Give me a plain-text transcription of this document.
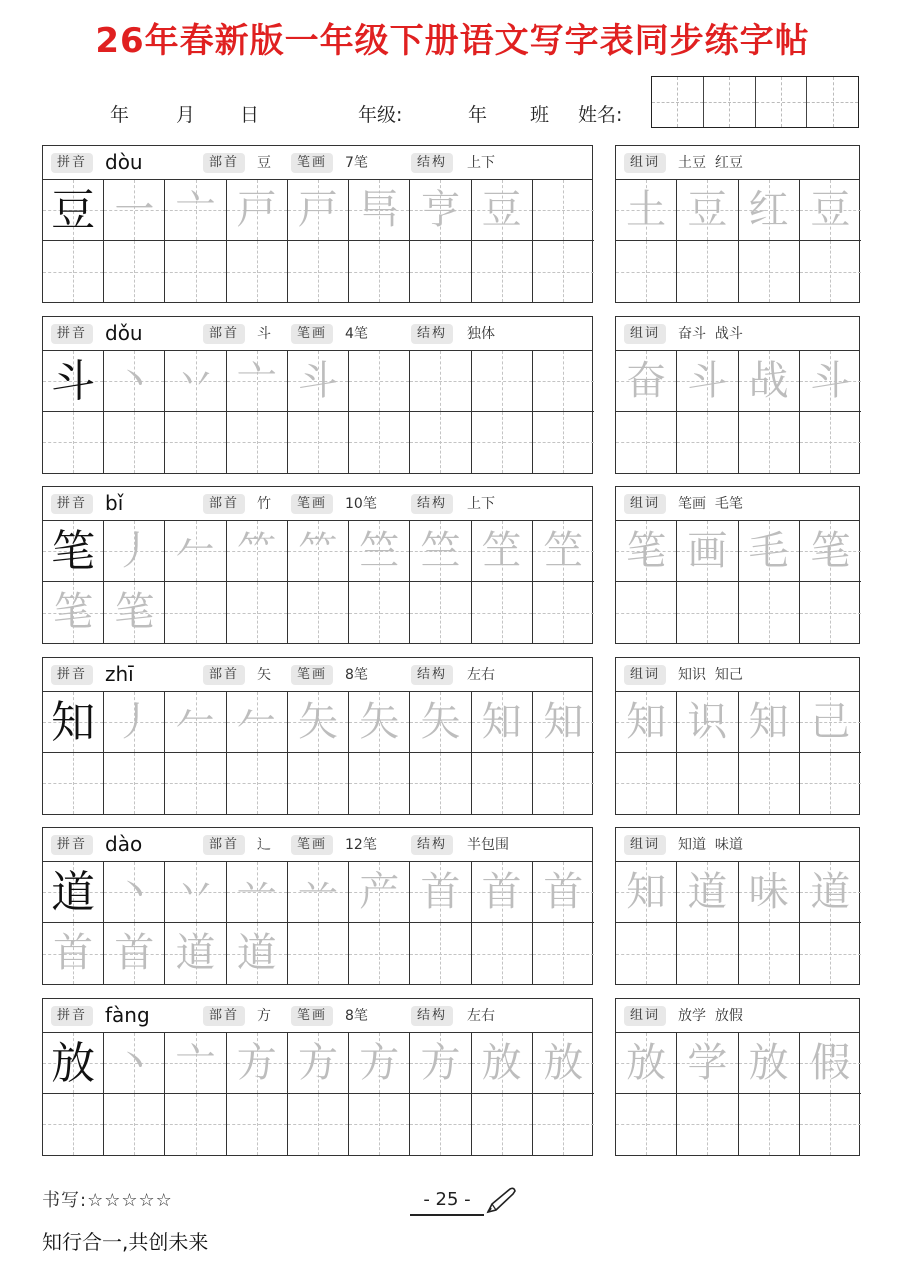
26年春新版一年级下册语文写字表同步练字帖
年 月 日	年级:	年 班 姓名:
拼音 dòu	部首	豆	笔画	7笔	结构	上下
豆 一 亠 戸 戸 巪 亨 豆
组词	土豆  红豆
土 豆 红 豆
拼音 dǒu	部首	斗	笔画	4笔	结构	独体
斗 丶 丷 亠 斗
组词	奋斗  战斗
奋 斗 战 斗
拼音 bǐ	部首	竹	笔画	10笔	结构	上下
笔 丿 𠂉 ⺮ ⺮ 竺 竺 笁 笁
笔 笔
组词	笔画  毛笔
笔 画 毛 笔
拼音 zhī	部首	矢	笔画	8笔	结构	左右
知 丿 𠂉 𠂉 矢 矢 矢 知 知
组词	知识  知己
知 识 知 己
拼音 dào	部首	辶	笔画	12笔	结构	半包围
道 丶 丷 䒑 䒑 产 首 首 首
首 首 道 道
组词	知道  味道
知 道 味 道
拼音 fàng	部首	方	笔画	8笔	结构	左右
放 丶 亠 方 方 方 方 放 放
组词	放学  放假
放 学 放 假
书写:☆☆☆☆☆	- 25 -
知行合一,共创未来
